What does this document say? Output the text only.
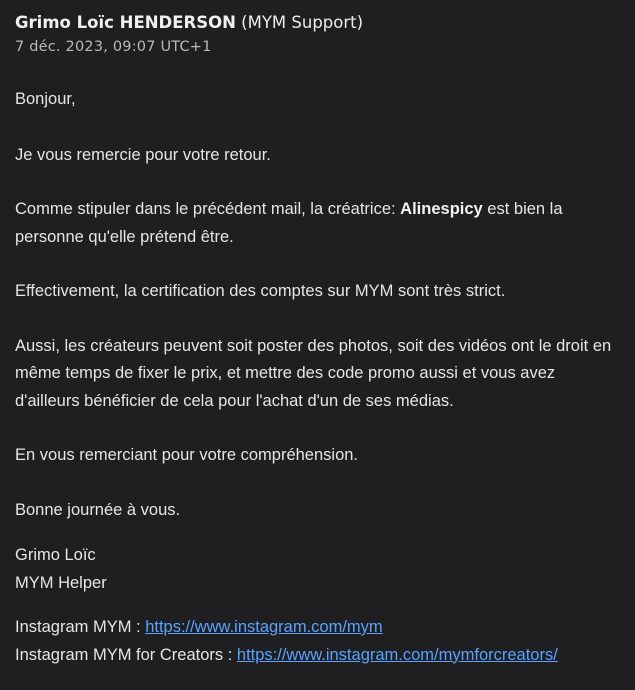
Grimo Loïc HENDERSON (MYM Support)
7 déc. 2023, 09:07 UTC+1

Bonjour,

Je vous remercie pour votre retour.

Comme stipuler dans le précédent mail, la créatrice: Alinespicy est bien la personne qu'elle prétend être.

Effectivement, la certification des comptes sur MYM sont très strict.

Aussi, les créateurs peuvent soit poster des photos, soit des vidéos ont le droit en même temps de fixer le prix, et mettre des code promo aussi et vous avez d'ailleurs bénéficier de cela pour l'achat d'un de ses médias.

En vous remerciant pour votre compréhension.

Bonne journée à vous.

Grimo Loïc
MYM Helper

Instagram MYM : https://www.instagram.com/mym
Instagram MYM for Creators : https://www.instagram.com/mymforcreators/
